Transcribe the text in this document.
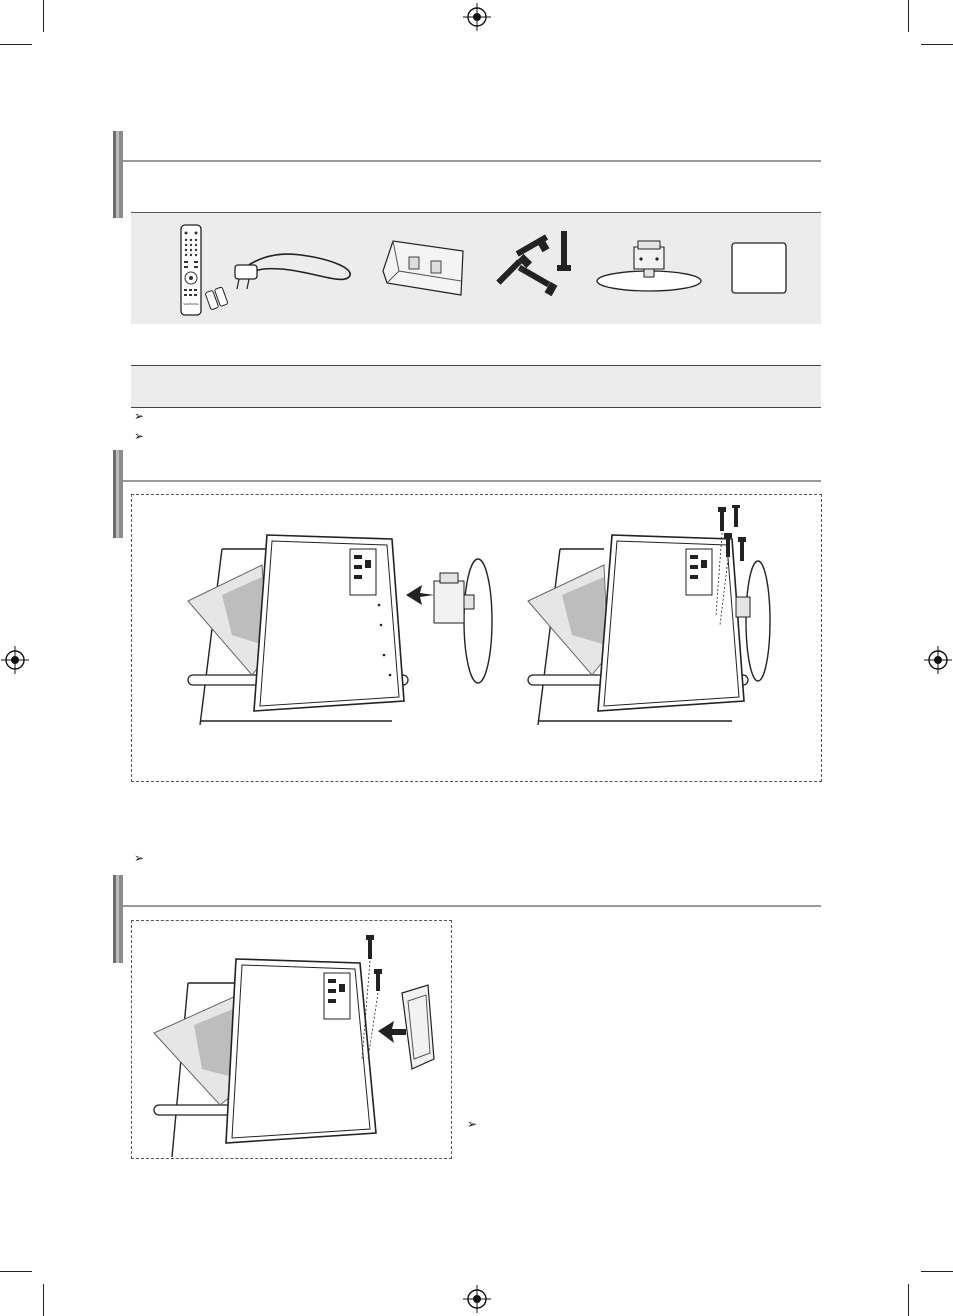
SAMSUNG
➢
➢
➢
➢
